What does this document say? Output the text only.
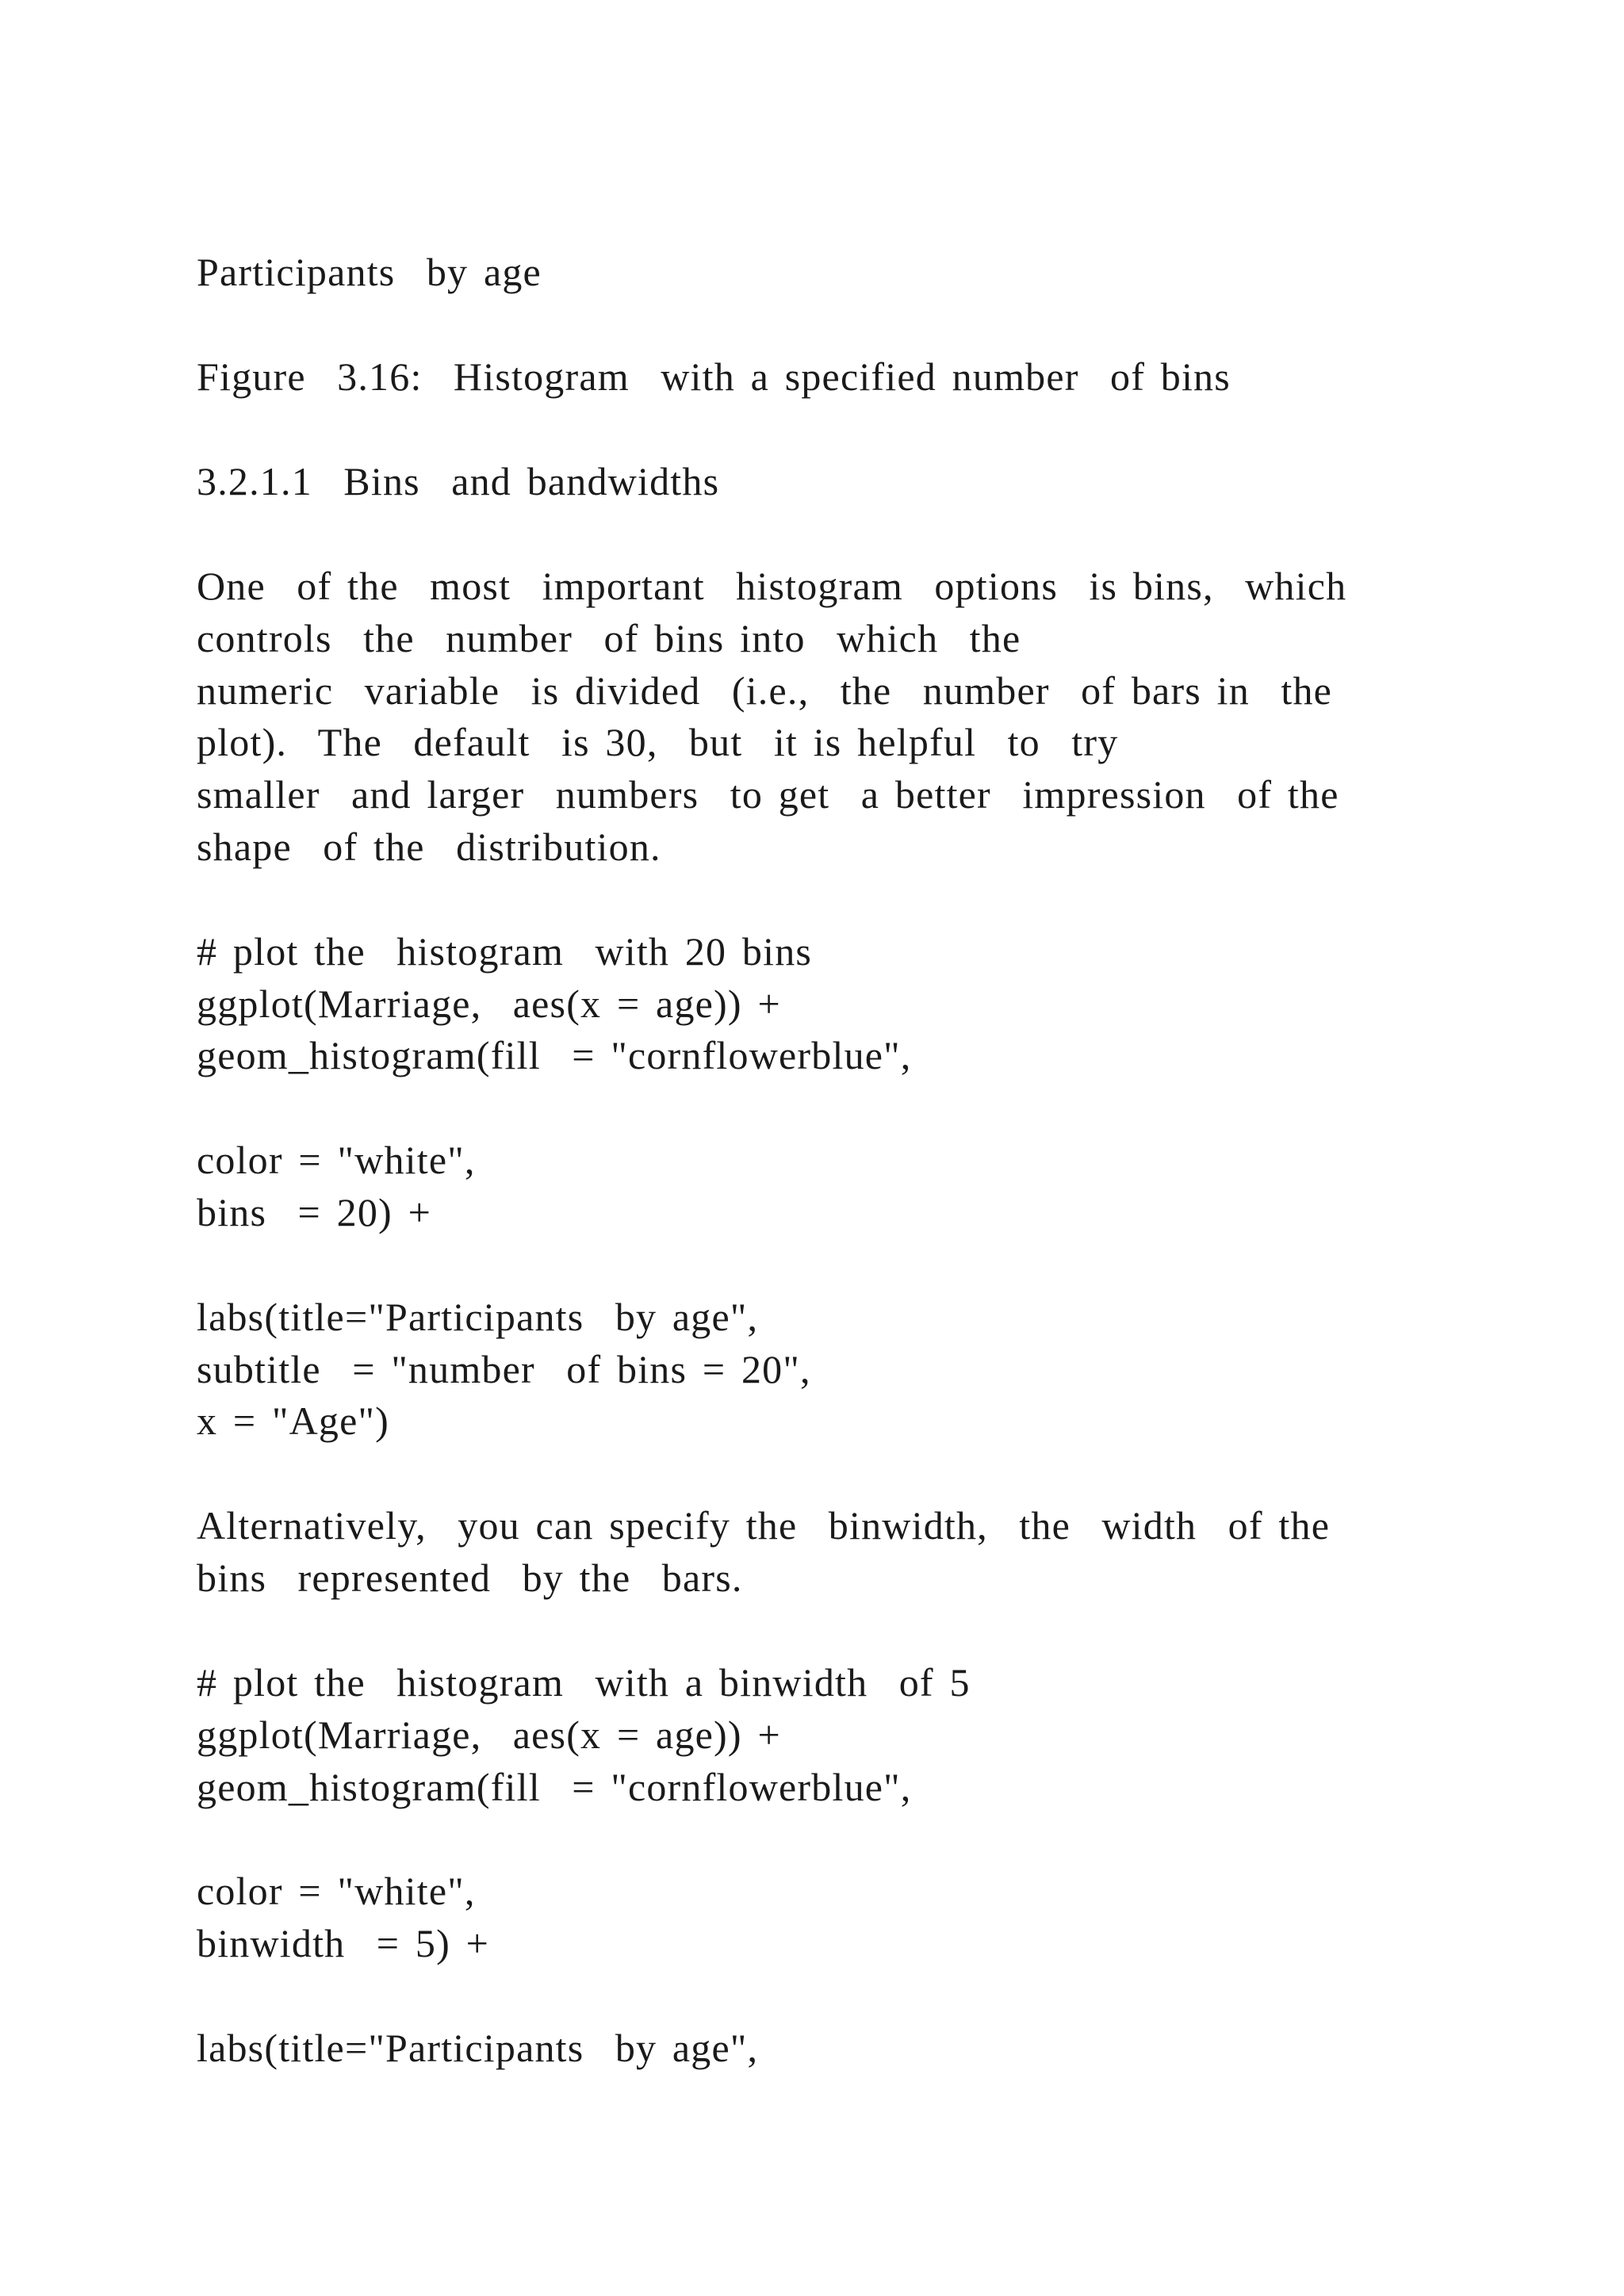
Participants  by age
Figure  3.16:  Histogram  with a specified number  of bins
3.2.1.1  Bins  and bandwidths
One  of the  most  important  histogram  options  is bins,  which
controls  the  number  of bins into  which  the
numeric  variable  is divided  (i.e.,  the  number  of bars in  the
plot).  The  default  is 30,  but  it is helpful  to  try
smaller  and larger  numbers  to get  a better  impression  of the
shape  of the  distribution.
# plot the  histogram  with 20 bins
ggplot(Marriage,  aes(x = age)) +
geom_histogram(fill  = "cornflowerblue",
color = "white",
bins  = 20) +
labs(title="Participants  by age",
subtitle  = "number  of bins = 20",
x = "Age")
Alternatively,  you can specify the  binwidth,  the  width  of the
bins  represented  by the  bars.
# plot the  histogram  with a binwidth  of 5
ggplot(Marriage,  aes(x = age)) +
geom_histogram(fill  = "cornflowerblue",
color = "white",
binwidth  = 5) +
labs(title="Participants  by age",
